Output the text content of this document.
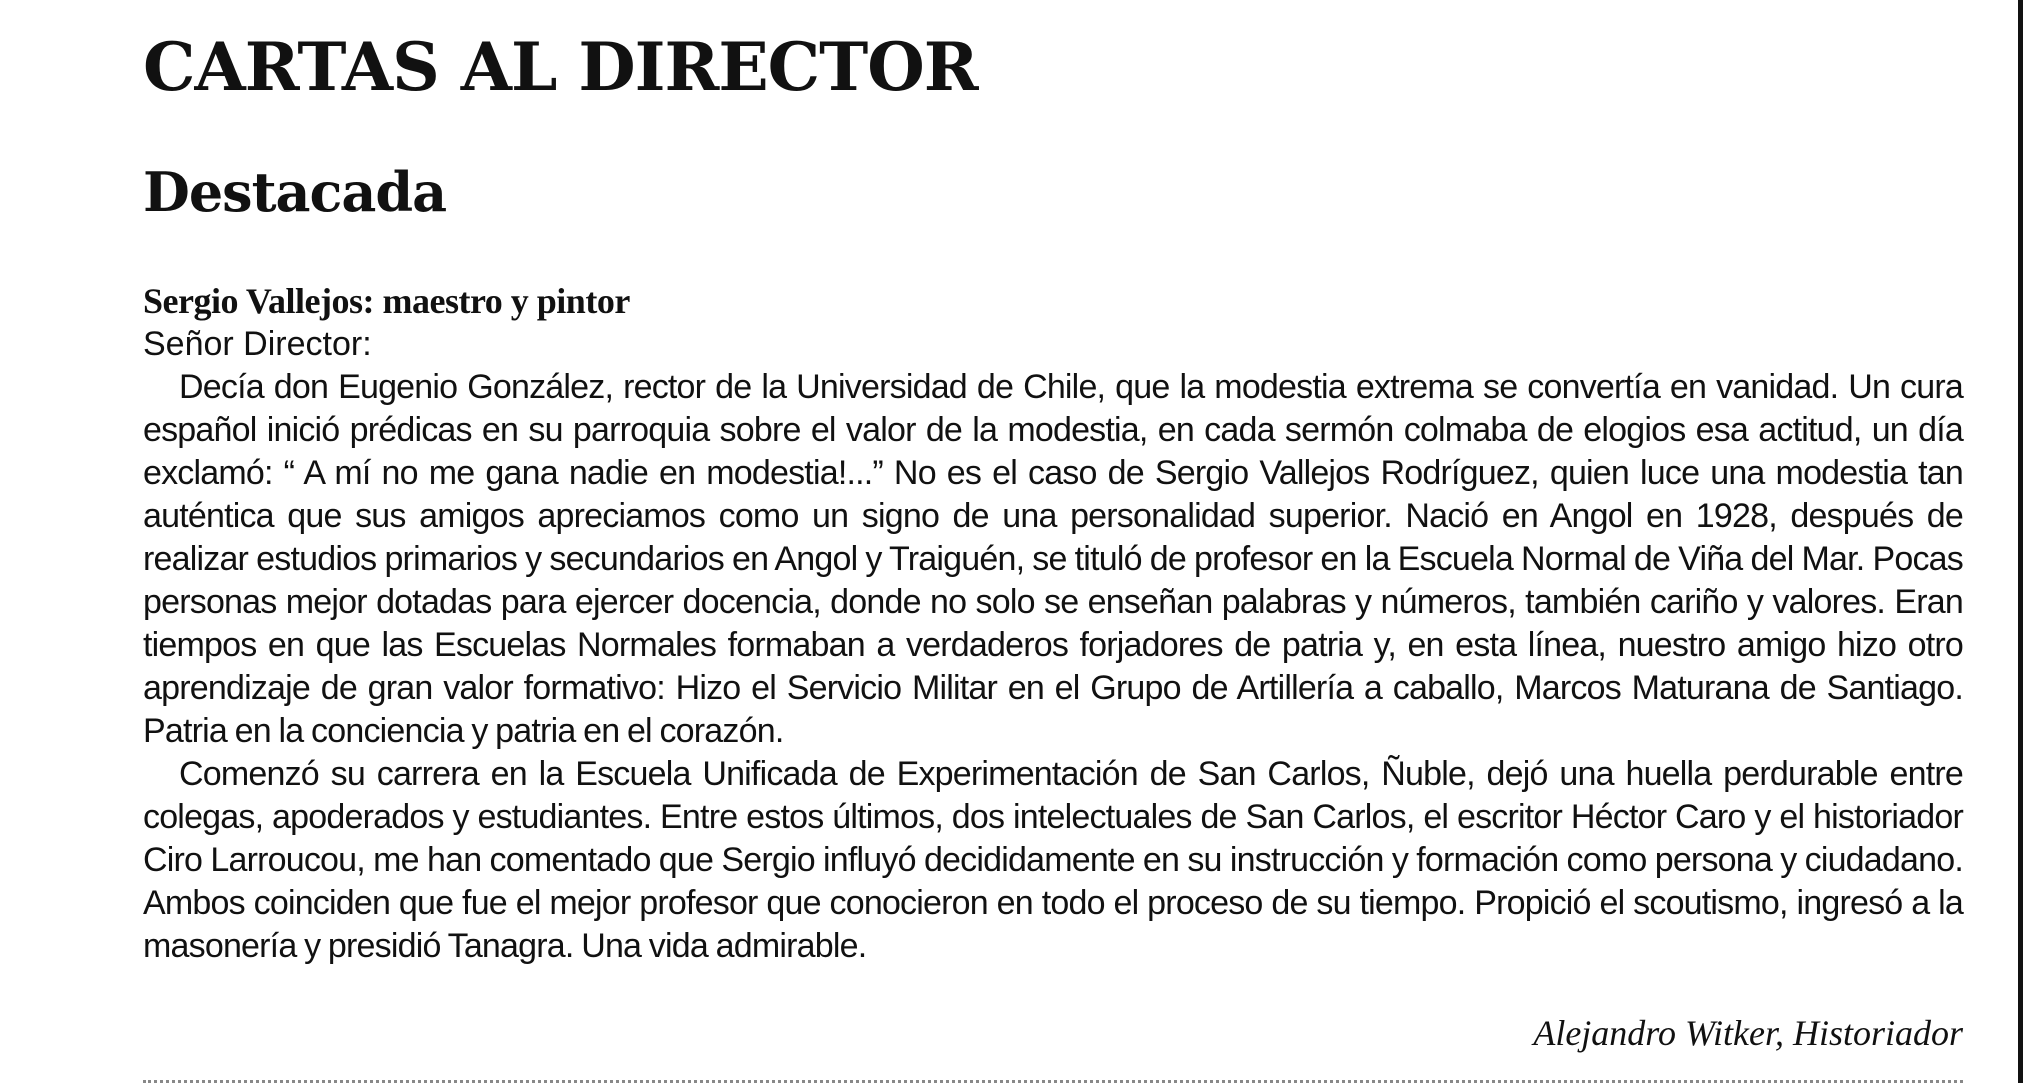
CARTAS AL DIRECTOR
Destacada
Sergio Vallejos: maestro y pintor

Señor Director:

Decía don Eugenio González, rector de la Universidad de Chile, que la modestia extrema se convertía en vanidad. Un cura español inició prédicas en su parroquia sobre el valor de la modestia, en cada sermón colmaba de elogios esa actitud, un día exclamó: “ A mí no me gana nadie en modestia!...” No es el caso de Sergio Vallejos Rodríguez, quien luce una modestia tan auténtica que sus amigos apreciamos como un signo de una personalidad superior. Nació en Angol en 1928, después de realizar estudios primarios y secundarios en Angol y Traiguén, se tituló de profesor en la Escuela Normal de Viña del Mar. Pocas personas mejor dotadas para ejercer docencia, donde no solo se enseñan palabras y números, también cariño y valores. Eran tiempos en que las Escuelas Normales formaban a verdaderos forjadores de patria y, en esta línea, nuestro amigo hizo otro aprendizaje de gran valor formativo: Hizo el Servicio Militar en el Grupo de Artillería a caballo, Marcos Maturana de Santiago. Patria en la conciencia y patria en el corazón.

Comenzó su carrera en la Escuela Unificada de Experimentación de San Carlos, Ñuble, dejó una huella perdurable entre colegas, apoderados y estudiantes. Entre estos últimos, dos intelectuales de San Carlos, el escritor Héctor Caro y el historiador Ciro Larroucou, me han comentado que Sergio influyó decididamente en su instrucción y formación como persona y ciudadano. Ambos coinciden que fue el mejor profesor que conocieron en todo el proceso de su tiempo. Propició el scoutismo, ingresó a la masonería y presidió Tanagra. Una vida admirable.

Alejandro Witker, Historiador
